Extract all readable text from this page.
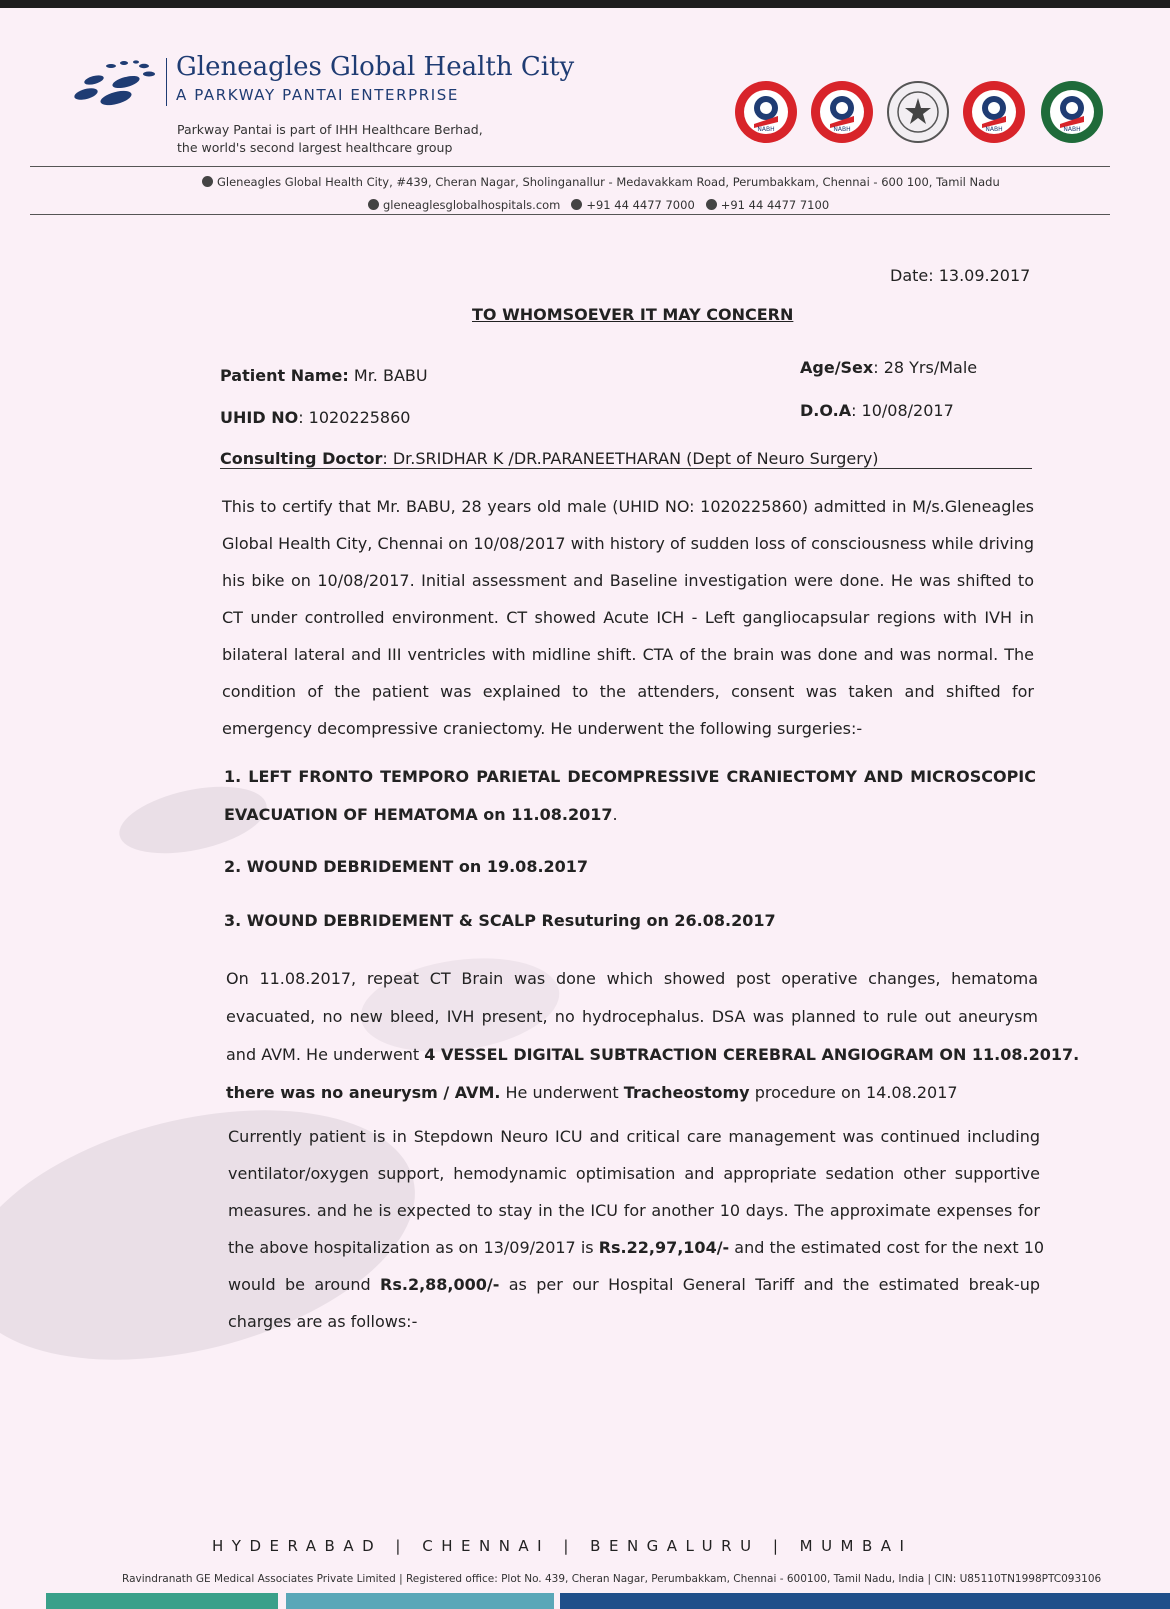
Gleneagles Global Health City
A PARKWAY PANTAI ENTERPRISE
Parkway Pantai is part of IHH Healthcare Berhad,
the world's second largest healthcare group
NABH	NABH	NABH	NABH
Gleneagles Global Health City, #439, Cheran Nagar, Sholinganallur - Medavakkam Road, Perumbakkam, Chennai - 600 100, Tamil Nadu
gleneaglesglobalhospitals.com +91 44 4477 7000 +91 44 4477 7100
Date: 13.09.2017
TO WHOMSOEVER IT MAY CONCERN
Patient Name: Mr. BABU	Age/Sex: 28 Yrs/Male
UHID NO: 1020225860	D.O.A: 10/08/2017
Consulting Doctor: Dr.SRIDHAR K /DR.PARANEETHARAN (Dept of Neuro Surgery)

This to certify that Mr. BABU, 28 years old male (UHID NO: 1020225860) admitted in M/s.Gleneagles

Global Health City, Chennai on 10/08/2017 with history of sudden loss of consciousness while driving

his bike on 10/08/2017. Initial assessment and Baseline investigation were done. He was shifted to

CT under controlled environment. CT showed Acute ICH - Left gangliocapsular regions with IVH in

bilateral lateral and III ventricles with midline shift. CTA of the brain was done and was normal. The

condition of the patient was explained to the attenders, consent was taken and shifted for

emergency decompressive craniectomy. He underwent the following surgeries:-

1. LEFT FRONTO TEMPORO PARIETAL DECOMPRESSIVE CRANIECTOMY AND MICROSCOPIC

EVACUATION OF HEMATOMA on 11.08.2017.

2. WOUND DEBRIDEMENT on 19.08.2017
3. WOUND DEBRIDEMENT & SCALP Resuturing on 26.08.2017

On 11.08.2017, repeat CT Brain was done which showed post operative changes, hematoma

evacuated, no new bleed, IVH present, no hydrocephalus. DSA was planned to rule out aneurysm

and AVM. He underwent 4 VESSEL DIGITAL SUBTRACTION CEREBRAL ANGIOGRAM ON 11.08.2017.

there was no aneurysm / AVM. He underwent Tracheostomy procedure on 14.08.2017

Currently patient is in Stepdown Neuro ICU and critical care management was continued including

ventilator/oxygen support, hemodynamic optimisation and appropriate sedation other supportive

measures. and he is expected to stay in the ICU for another 10 days. The approximate expenses for

the above hospitalization as on 13/09/2017 is Rs.22,97,104/- and the estimated cost for the next 10

would be around Rs.2,88,000/- as per our Hospital General Tariff and the estimated break-up

charges are as follows:-

HYDERABAD | CHENNAI | BENGALURU | MUMBAI
Ravindranath GE Medical Associates Private Limited | Registered office: Plot No. 439, Cheran Nagar, Perumbakkam, Chennai - 600100, Tamil Nadu, India | CIN: U85110TN1998PTC093106
